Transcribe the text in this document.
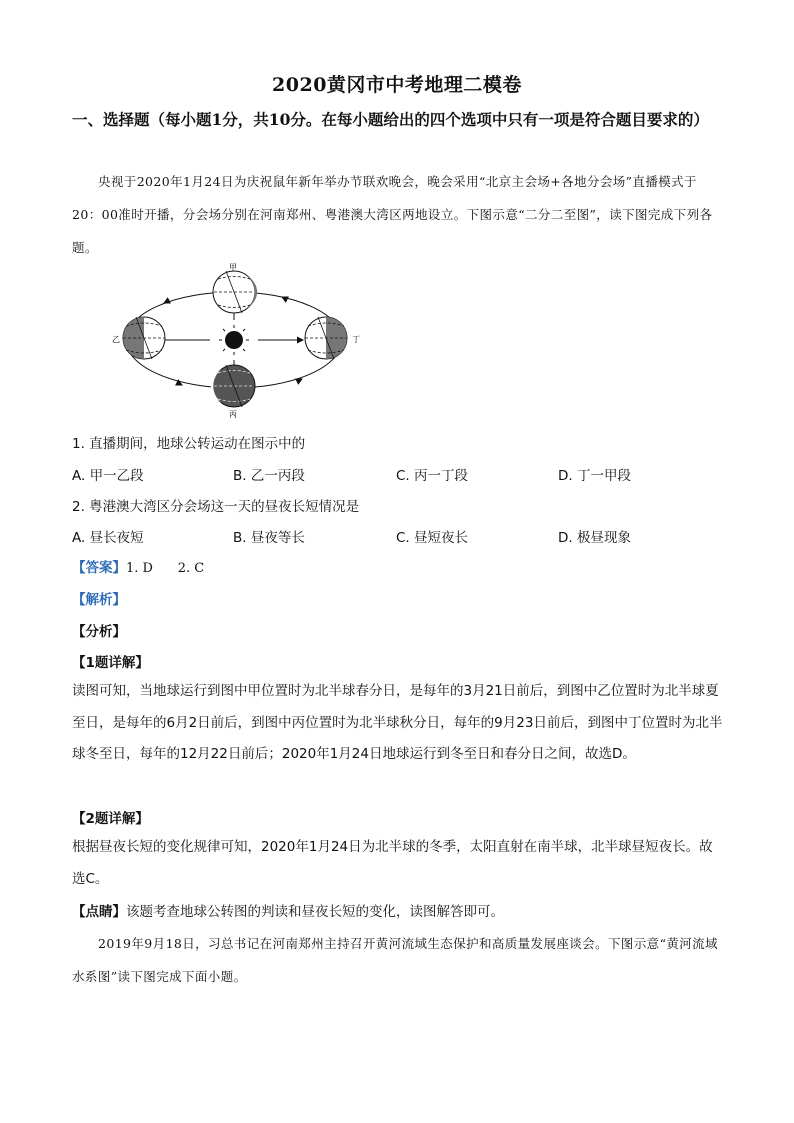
2020黄冈市中考地理二模卷
一、选择题（每小题1分，共10分。在每小题给出的四个选项中只有一项是符合题目要求的）
央视于2020年1月24日为庆祝鼠年新年举办节联欢晚会，晚会采用“北京主会场+各地分会场”直播模式于20：00准时开播，分会场分别在河南郑州、粤港澳大湾区两地设立。下图示意“二分二至图”，读下图完成下列各题。
甲
乙
丙
丁
1. 直播期间，地球公转运动在图示中的
A. 甲一乙段	B. 乙一丙段	C. 丙一丁段	D. 丁一甲段
2. 粤港澳大湾区分会场这一天的昼夜长短情况是
A. 昼长夜短	B. 昼夜等长	C. 昼短夜长	D. 极昼现象
【答案】1. D      2. C
【解析】
【分析】
【1题详解】
读图可知，当地球运行到图中甲位置时为北半球春分日，是每年的3月21日前后，到图中乙位置时为北半球夏至日，是每年的6月2日前后，到图中丙位置时为北半球秋分日，每年的9月23日前后，到图中丁位置时为北半球冬至日，每年的12月22日前后；2020年1月24日地球运行到冬至日和春分日之间，故选D。
【2题详解】
根据昼夜长短的变化规律可知，2020年1月24日为北半球的冬季，太阳直射在南半球，北半球昼短夜长。故选C。
【点睛】该题考查地球公转图的判读和昼夜长短的变化，读图解答即可。
2019年9月18日，习总书记在河南郑州主持召开黄河流域生态保护和高质量发展座谈会。下图示意“黄河流域水系图”读下图完成下面小题。
